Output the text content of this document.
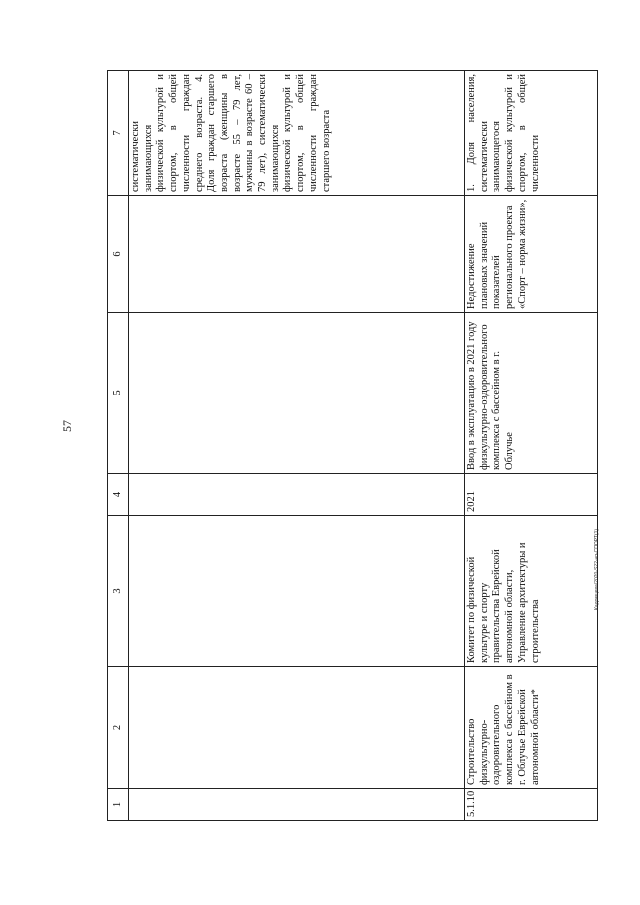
57
Кадомцева/2020-S22-нп-СПОРТ(1)
1	2	3	4	5	6	7
						систематически занимающихся физической культурой и спортом, в общей численности граждан среднего возраста. 4. Доля граждан старшего возраста (женщины в возрасте 55 – 79 лет, мужчины в возрасте 60 – 79 лет), систематически занимающихся физической культурой и спортом, в общей численности граждан старшего возраста
5.1.10	Строительство физкультурно-оздоровительного комплекса с бассейном в г. Облучье Еврейской автономной области*	Комитет по физической культуре и спорту правительства Еврейской автономной области, Управление архитектуры и строительства	2021	Ввод в эксплуатацию в 2021 году физкультурно-оздоровительного комплекса с бассейном в г. Облучье	Недостижение плановых значений показателей регионального проекта «Спорт – норма жизни»,	1. Доля населения, систематически занимающегося физической культурой и спортом, в общей численности
